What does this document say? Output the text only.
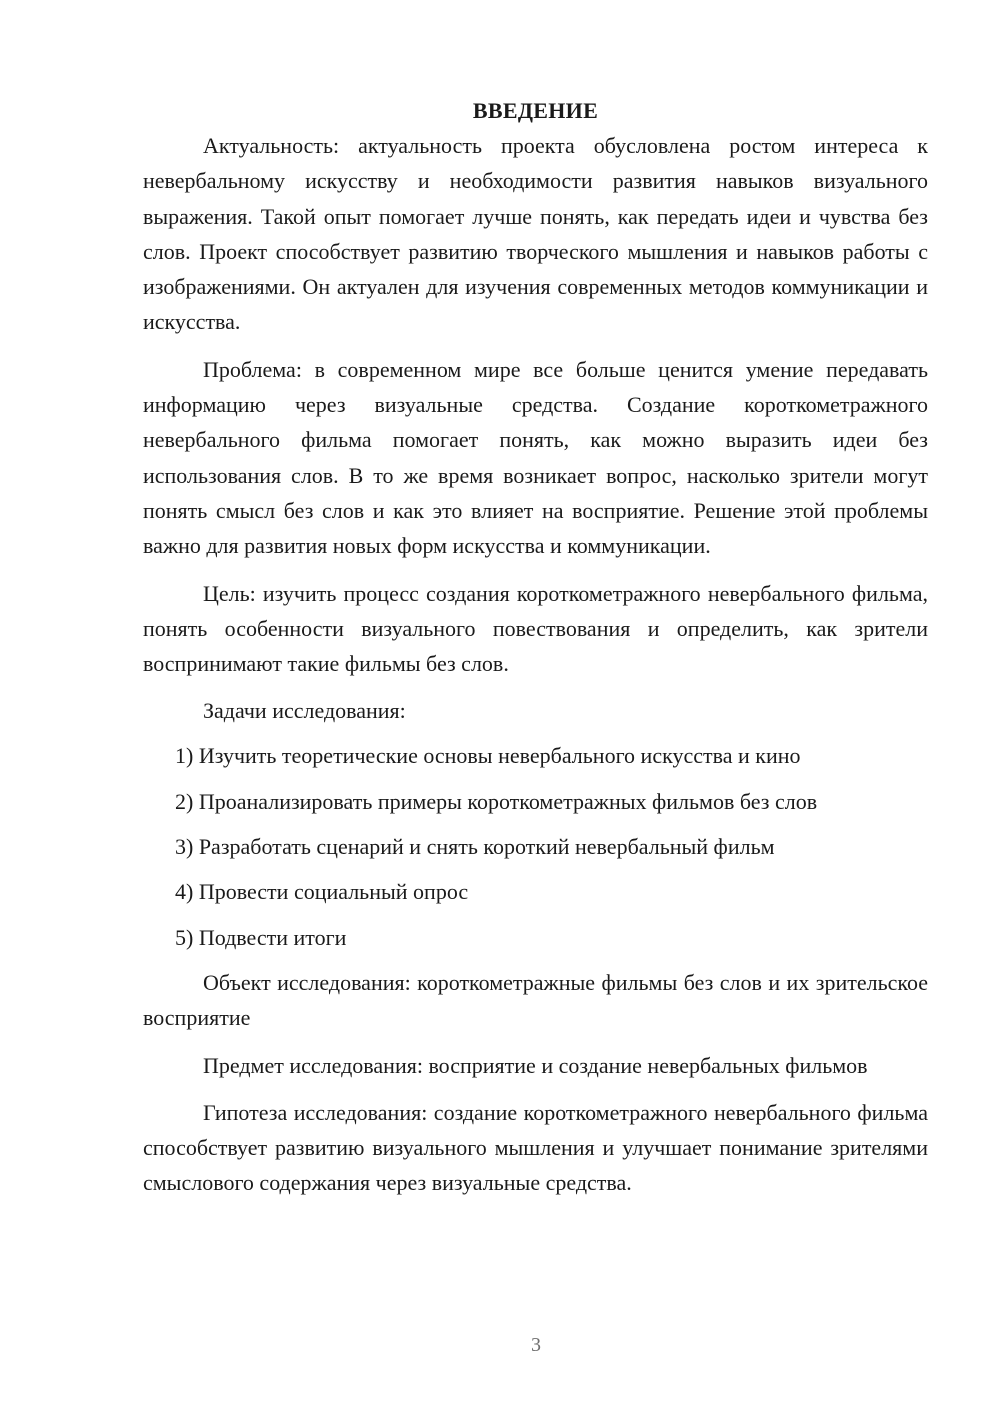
ВВЕДЕНИЕ

Актуальность: актуальность проекта обусловлена ростом интереса к невербальному искусству и необходимости развития навыков визуального выражения. Такой опыт помогает лучше понять, как передать идеи и чувства без слов. Проект способствует развитию творческого мышления и навыков работы с изображениями. Он актуален для изучения современных методов коммуникации и искусства.

Проблема: в современном мире все больше ценится умение передавать информацию через визуальные средства. Создание короткометражного невербального фильма помогает понять, как можно выразить идеи без использования слов. В то же время возникает вопрос, насколько зрители могут понять смысл без слов и как это влияет на восприятие. Решение этой проблемы важно для развития новых форм искусства и коммуникации.

Цель: изучить процесс создания короткометражного невербального фильма, понять особенности визуального повествования и определить, как зрители воспринимают такие фильмы без слов.

Задачи исследования:
1) Изучить теоретические основы невербального искусства и кино
2) Проанализировать примеры короткометражных фильмов без слов
3) Разработать сценарий и снять короткий невербальный фильм
4) Провести социальный опрос
5) Подвести итоги

Объект исследования: короткометражные фильмы без слов и их зрительское восприятие

Предмет исследования: восприятие и создание невербальных фильмов

Гипотеза исследования: создание короткометражного невербального фильма способствует развитию визуального мышления и улучшает понимание зрителями смыслового содержания через визуальные средства.

3
